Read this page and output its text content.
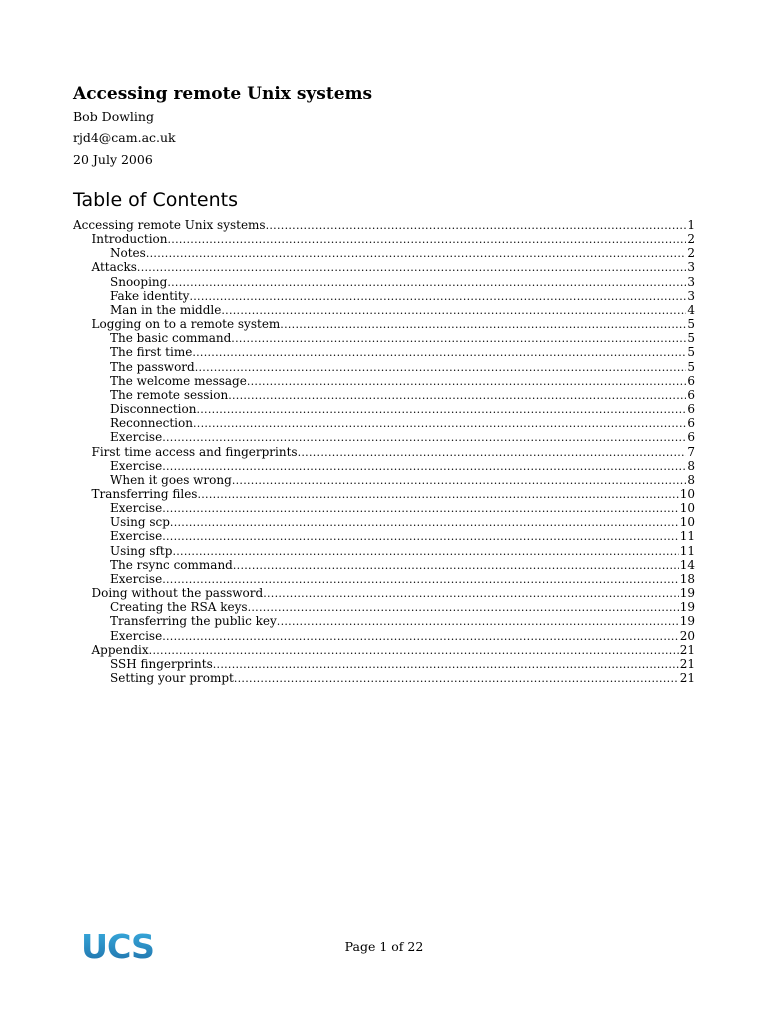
Accessing remote Unix systems

Bob Dowling

rjd4@cam.ac.uk

20 July 2006

Table of Contents
Accessing remote Unix systems .....	1
Introduction .....	2
Notes .....	2
Attacks .....	3
Snooping .....	3
Fake identity .....	3
Man in the middle .....	4
Logging on to a remote system .....	5
The basic command .....	5
The first time .....	5
The password .....	5
The welcome message .....	6
The remote session .....	6
Disconnection .....	6
Reconnection .....	6
Exercise .....	6
First time access and fingerprints .....	7
Exercise .....	8
When it goes wrong .....	8
Transferring files .....	10
Exercise .....	10
Using scp .....	10
Exercise .....	11
Using sftp .....	11
The rsync command .....	14
Exercise .....	18
Doing without the password .....	19
Creating the RSA keys .....	19
Transferring the public key .....	19
Exercise .....	20
Appendix .....	21
SSH fingerprints .....	21
Setting your prompt .....	21
UCS	Page 1 of 22
